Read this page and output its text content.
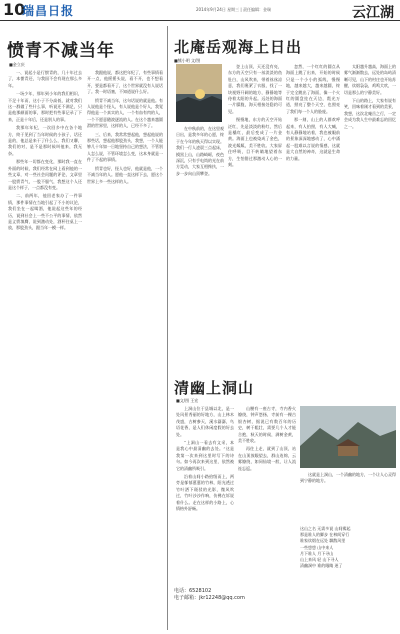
10
瑞昌日报	2014年9月24日 星期三 | 责任编辑：金瑞	云江湖
愤青不减当年
■金立庆

一、说起小是行惯青的，几十年过去了，本惯青还，与我国不会有现在那么多年。

一场少年，那年到小年的我们相识，不足十年而，这小子不分高低，就对我们这一群做了些什么事，听说还不满足，只是他那颜面的事，那时把有些事记录了下来，正是十年后，还是别人的事。

我那年年纪，一次回乡中在各个地方，终于见到了当年时候的小孩子，话还是的，他总是来干了什么么，我们又聊，我们的对，是不是那时候叫他来，我无奈。

那些年一切都在变化，那时我一直在外面的时候，我们经常在网上看到他的一些文章，对一些社会问题的评论，文章里一股愤青气，一股不服气，我想这个人还是这个样子，一点都没有变。

二、前两年，他回老家办了一件事情，那件事情在当地引起了不小的议论，我们坐在一起喝酒，他说起这些年的经历，说到社会上一些不公平的事情，依然是义愤填膺，说到激动处，酒杯往桌上一放，那股劲头，跟当年一模一样。

我跟他说，都这把年纪了，有些事情看开一点，他摇摇头说，看不开，也不想看开，要是都看开了，这个世界就没有人说话了。我一时语塞，不知道说什么好。

愤青不减当年，这句话说的就是他。有人说他是个怪人，有人说他是个好人，我觉得他是一个真实的人，一个有血有肉的人，一个不愿意随波逐流的人。在这个越来越圆滑的世界里，这样的人，已经不多了。

三、后来，我常常想起他，想起他说的那些话，想起他那股劲头，我想，一个人能够几十年如一日地坚持自己的想法，不管别人怎么说，不管环境怎么变，这本身就是一件了不起的事情。

愤青也好，怪人也好，他就是他，一个不减当年的人。愿他一直这样下去，愿这个世界上多一些这样的人。

北庵岳观海上日出
■熊小明 文/图

登上山顶，天还没有亮，东方的天空只有一丝淡淡的鱼肚白，山风吹来，带着丝丝凉意，我们裹紧了衣服，找了一块视野开阔的地方，静静地等待着太阳的升起。远处的海面一片朦胧，海天相接处隐约可见。

慢慢地，东方的天空开始泛红，先是淡淡的粉红，然后是橘红，最后变成了一片金黄。海面上也被染成了金色，波光粼粼，美不胜收。大家屏住呼吸，目不转睛地望着东方，生怕错过那激动人心的一刻。

忽然，一个红红的圆点从海面上跳了出来，开始的时候只是一个小小的弧线，慢慢地，越来越大，越来越圆，终于完全跳出了海面，像一个火红的圆盘挂在天边，霞光万道，照亮了整个天空，也照亮了我们每一个人的脸庞。

那一刻，山上的人群欢呼起来，有人拍照，有人大喊，有人静静地站着，我也被眼前的景象深深地感动了，心中涌起一股难以言说的情感，这就是大自然的神奇，这就是生命的力量。

太阳越升越高，海面上的雾气渐渐散去，远处的岛屿清晰可见，山下的村庄也开始苏醒，炊烟袅袅，鸡鸣犬吠，一切是那么的宁静美好。

下山的路上，大家有说有笑，回味着刚才看到的美景，我想，这次北庵岳之行，一定会成为我人生中最难忘的回忆之一。

在中秋前的，在这里观日出，是我多年的心愿，终于在今年的秋天得以实现。我们一行人凌晨三点起床，摸黑上山，山路崎岖，夜色深沉，只有手电筒的光在前方晃动，大家互相搀扶，一步一步向山顶攀登。

清幽上洞山
■文/图 王宏

上洞山位于县城以北，是一处风景秀丽的好地方，山上林木茂盛，古树参天，溪水潺潺，鸟语花香，是人们休闲度假的好去处。

“上洞山一看去有文采，本是我心中最清幽的去处。”这是我第一次来到这里时写下的诗句。如今再次来到这里，依然被它的清幽所吸引。

沿着山间小路拾级而上，两旁是郁郁葱葱的竹林，阳光透过竹叶洒下斑驳的光影，微风吹过，竹叶沙沙作响，仿佛在诉说着什么。走在这样的小路上，心情格外舒畅。

山腰有一座古寺，寺内香火缭绕，钟声悠扬，寺前有一棵古银杏树，据说已有数百年的历史，树干粗壮，需要几个人才能合抱，秋天的时候，满树金黄，美不胜收。

再往上走，就到了山顶，站在山顶放眼望去，群山连绵，云雾缭绕，如同仙境一般，让人流连忘返。

这就是上洞山，一个清幽的地方，一个让人心灵得到宁静的地方。

这山之名 无需多说 山间雾起
那是谁人的脚步 在林间穿行
谁家炊烟在远处 飘散风里
一些悠悠 山中来人
月下谁人 月下寻山
山上来风 轻 山下寻人
清幽洞中 谁的眼睛 迷了
电话：6528102
电子邮箱：jkr12248@qq.com
